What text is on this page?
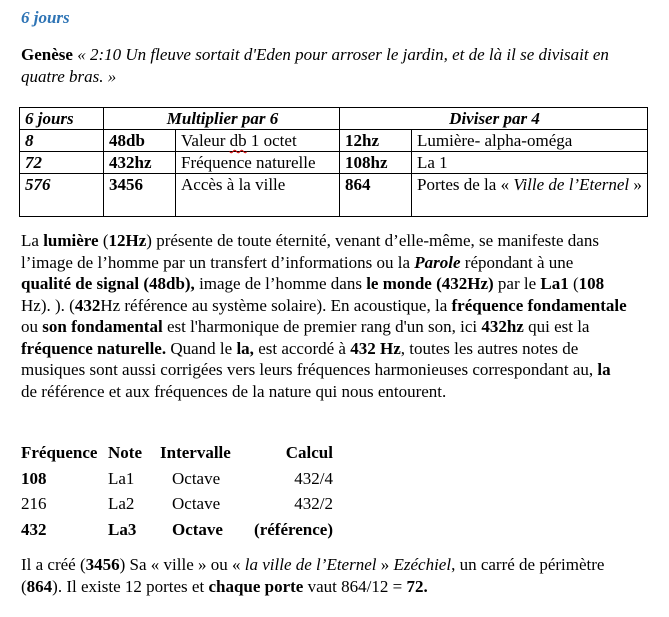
6 jours

Genèse « 2:10 Un fleuve sortait d'Eden pour arroser le jardin, et de là il se divisait en quatre bras. »

6 jours	Multiplier par 6		Diviser par 4	
8	48db	Valeur db 1 octet	12hz	Lumière- alpha-oméga
72	432hz	Fréquence naturelle	108hz	La 1
576	3456	Accès à la ville	864	Portes de la « Ville de l’Eternel »

La lumière (12Hz) présente de toute éternité, venant d’elle-même, se manifeste dans l’image de l’homme par un transfert d’informations ou la Parole répondant à une qualité de signal (48db), image de l’homme dans le monde (432Hz) par le La1 (108 Hz). ). (432Hz référence au système solaire). En acoustique, la fréquence fondamentale ou son fondamental est l'harmonique de premier rang d'un son, ici 432hz qui est la fréquence naturelle. Quand le la, est accordé à 432 Hz, toutes les autres notes de musiques sont aussi corrigées vers leurs fréquences harmonieuses correspondant au, la de référence et aux fréquences de la nature qui nous entourent.

Fréquence	Note	Intervalle	Calcul
108	La1	Octave	432/4
216	La2	Octave	432/2
432	La3	Octave	(référence)

Il a créé (3456) Sa « ville » ou « la ville de l’Eternel » Ezéchiel, un carré de périmètre (864). Il existe 12 portes et chaque porte vaut 864/12 = 72.
